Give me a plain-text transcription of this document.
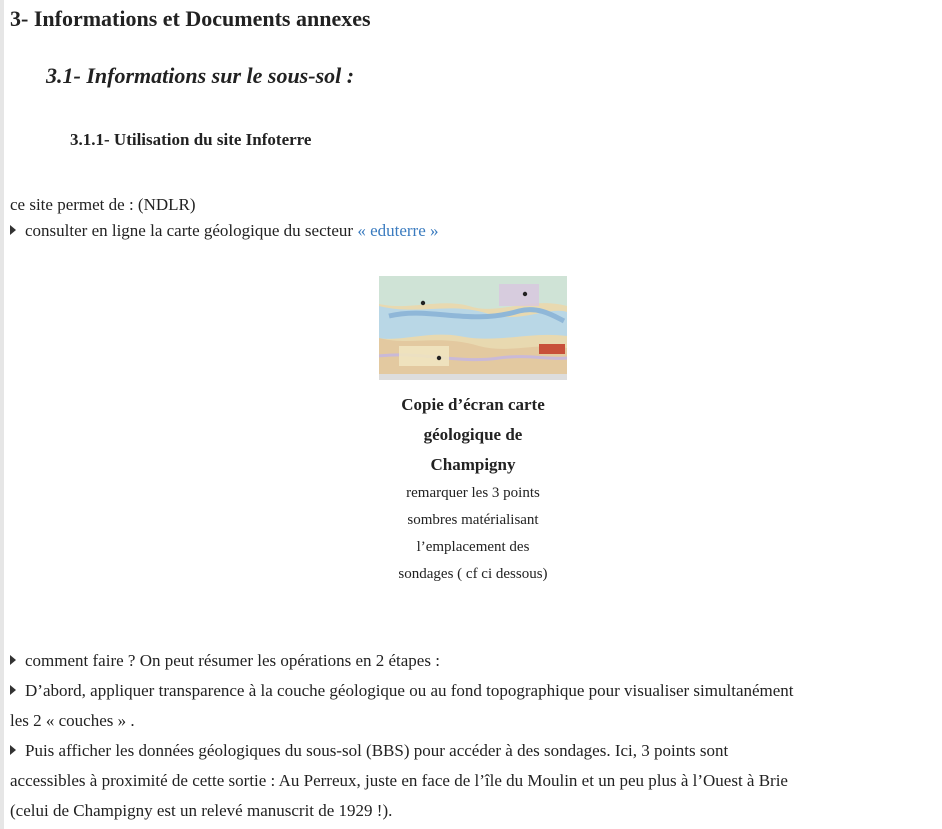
3- Informations et Documents annexes
3.1- Informations sur le sous-sol :
3.1.1- Utilisation du site Infoterre
ce site permet de : (NDLR)
consulter en ligne la carte géologique du secteur « eduterre »
Copie d’écran carte
géologique de
Champigny
remarquer les 3 points
sombres matérialisant
l’emplacement des
sondages ( cf ci dessous)

comment faire ? On peut résumer les opérations en 2 étapes :

D’abord, appliquer transparence à la couche géologique ou au fond topographique pour visualiser simultanément

les 2 « couches » .

Puis afficher les données géologiques du sous-sol (BBS) pour accéder à des sondages. Ici, 3 points sont

accessibles à proximité de cette sortie : Au Perreux, juste en face de l’île du Moulin et un peu plus à l’Ouest à Brie

(celui de Champigny est un relevé manuscrit de 1929 !).
